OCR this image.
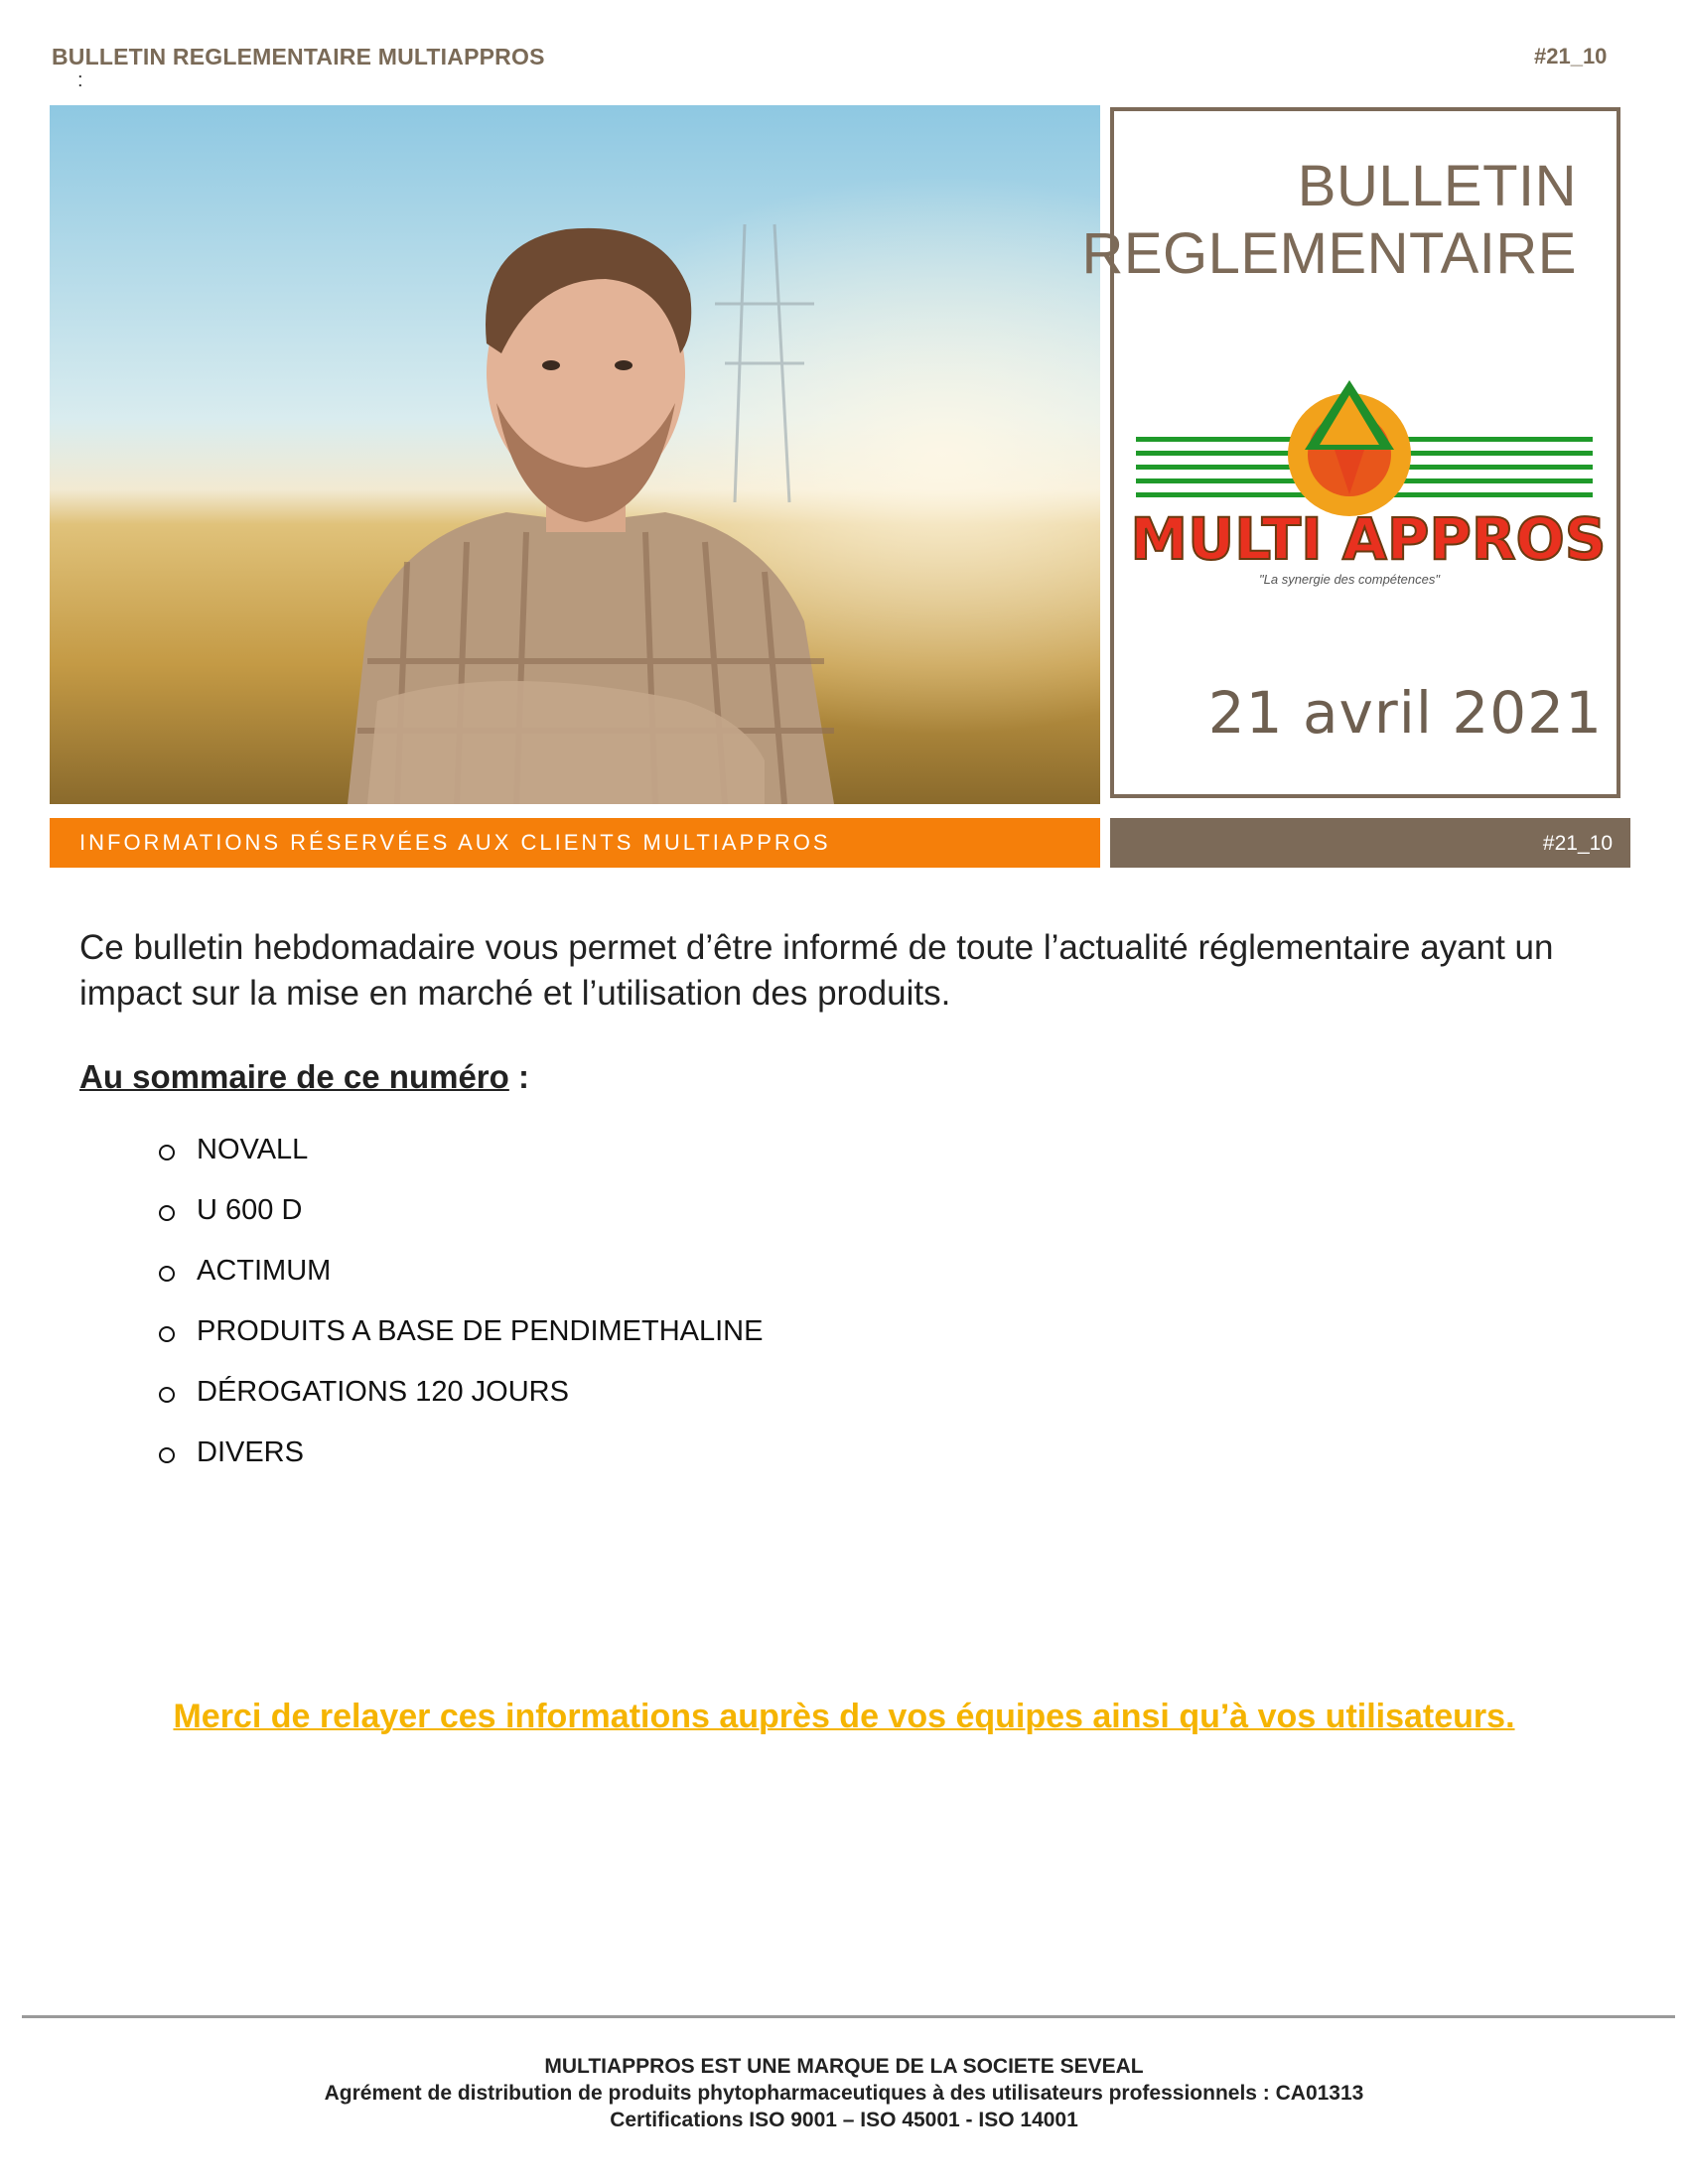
BULLETIN REGLEMENTAIRE MULTIAPPROS
:
#21_10
BULLETIN
REGLEMENTAIRE
MULTI APPROS
"La synergie des compétences"
21 avril 2021
INFORMATIONS RÉSERVÉES AUX CLIENTS MULTIAPPROS	#21_10
Ce bulletin hebdomadaire vous permet d’être informé de toute l’actualité réglementaire ayant un impact sur la mise en marché et l’utilisation des produits.
Au sommaire de ce numéro :
NOVALL
U 600 D
ACTIMUM
PRODUITS A BASE DE PENDIMETHALINE
DÉROGATIONS 120 JOURS
DIVERS
Merci de relayer ces informations auprès de vos équipes ainsi qu’à vos utilisateurs.
MULTIAPPROS EST UNE MARQUE DE LA SOCIETE SEVEAL
Agrément de distribution de produits phytopharmaceutiques à des utilisateurs professionnels : CA01313
Certifications ISO 9001 – ISO 45001 - ISO 14001
